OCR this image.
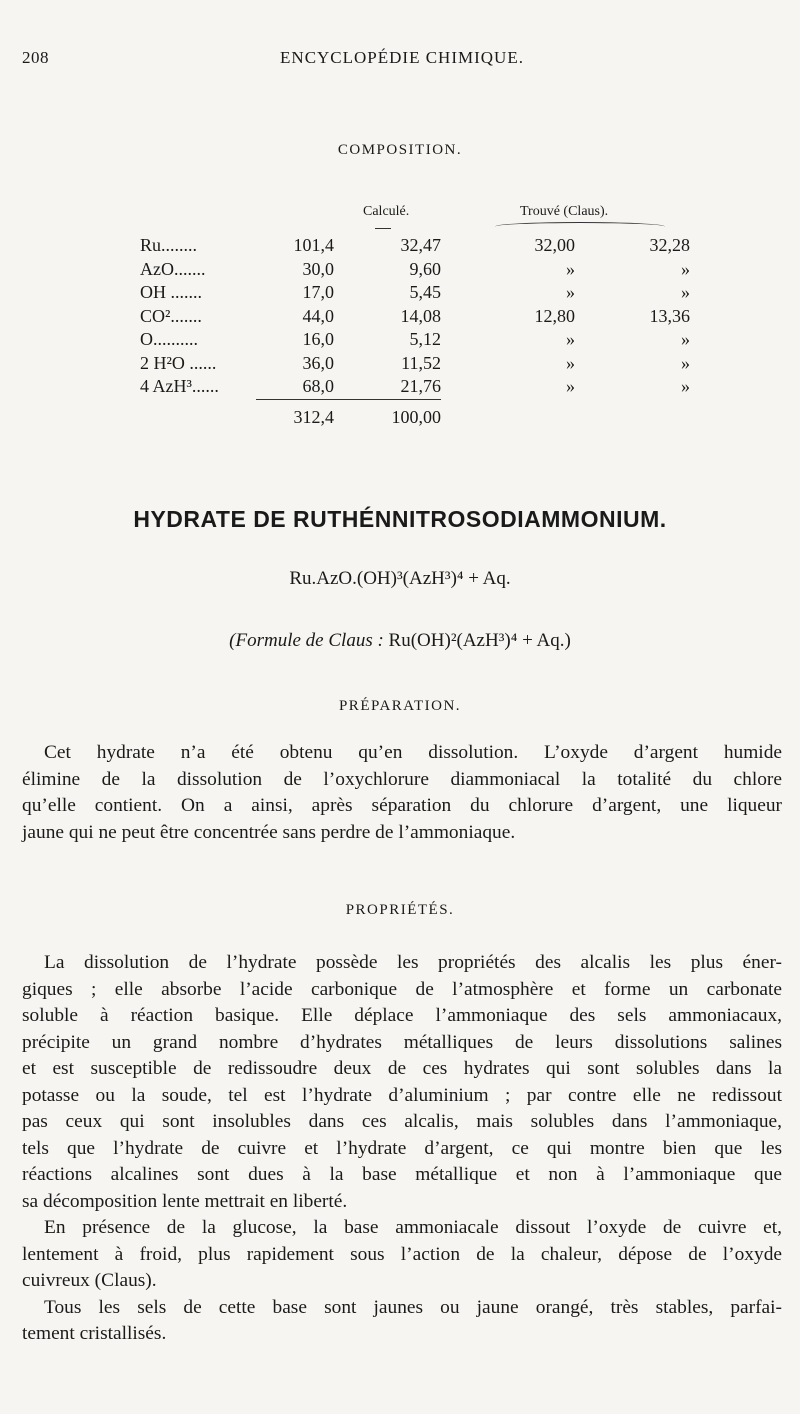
208	ENCYCLOPÉDIE CHIMIQUE.
COMPOSITION.
Calculé.	Trouvé (Claus).
Ru........	101,4	32,47	32,00	32,28
AzO.......	30,0	9,60	»	»
OH .......	17,0	5,45	»	»
CO².......	44,0	14,08	12,80	13,36
O..........	16,0	5,12	»	»
2 H²O ......	36,0	11,52	»	»
4 AzH³......	68,0	21,76	»	»
	312,4	100,00		
HYDRATE DE RUTHÉNNITROSODIAMMONIUM.
Ru.AzO.(OH)³(AzH³)⁴ + Aq.
(Formule de Claus : Ru(OH)²(AzH³)⁴ + Aq.)
PRÉPARATION.
Cet hydrate n’a été obtenu qu’en dissolution. L’oxyde d’argent humide
élimine de la dissolution de l’oxychlorure diammoniacal la totalité du chlore
qu’elle contient. On a ainsi, après séparation du chlorure d’argent, une liqueur
jaune qui ne peut être concentrée sans perdre de l’ammoniaque.
PROPRIÉTÉS.
La dissolution de l’hydrate possède les propriétés des alcalis les plus éner-
giques ; elle absorbe l’acide carbonique de l’atmosphère et forme un carbonate
soluble à réaction basique. Elle déplace l’ammoniaque des sels ammoniacaux,
précipite un grand nombre d’hydrates métalliques de leurs dissolutions salines
et est susceptible de redissoudre deux de ces hydrates qui sont solubles dans la
potasse ou la soude, tel est l’hydrate d’aluminium ; par contre elle ne redissout
pas ceux qui sont insolubles dans ces alcalis, mais solubles dans l’ammoniaque,
tels que l’hydrate de cuivre et l’hydrate d’argent, ce qui montre bien que les
réactions alcalines sont dues à la base métallique et non à l’ammoniaque que
sa décomposition lente mettrait en liberté.
En présence de la glucose, la base ammoniacale dissout l’oxyde de cuivre et,
lentement à froid, plus rapidement sous l’action de la chaleur, dépose de l’oxyde
cuivreux (Claus).
Tous les sels de cette base sont jaunes ou jaune orangé, très stables, parfai-
tement cristallisés.
